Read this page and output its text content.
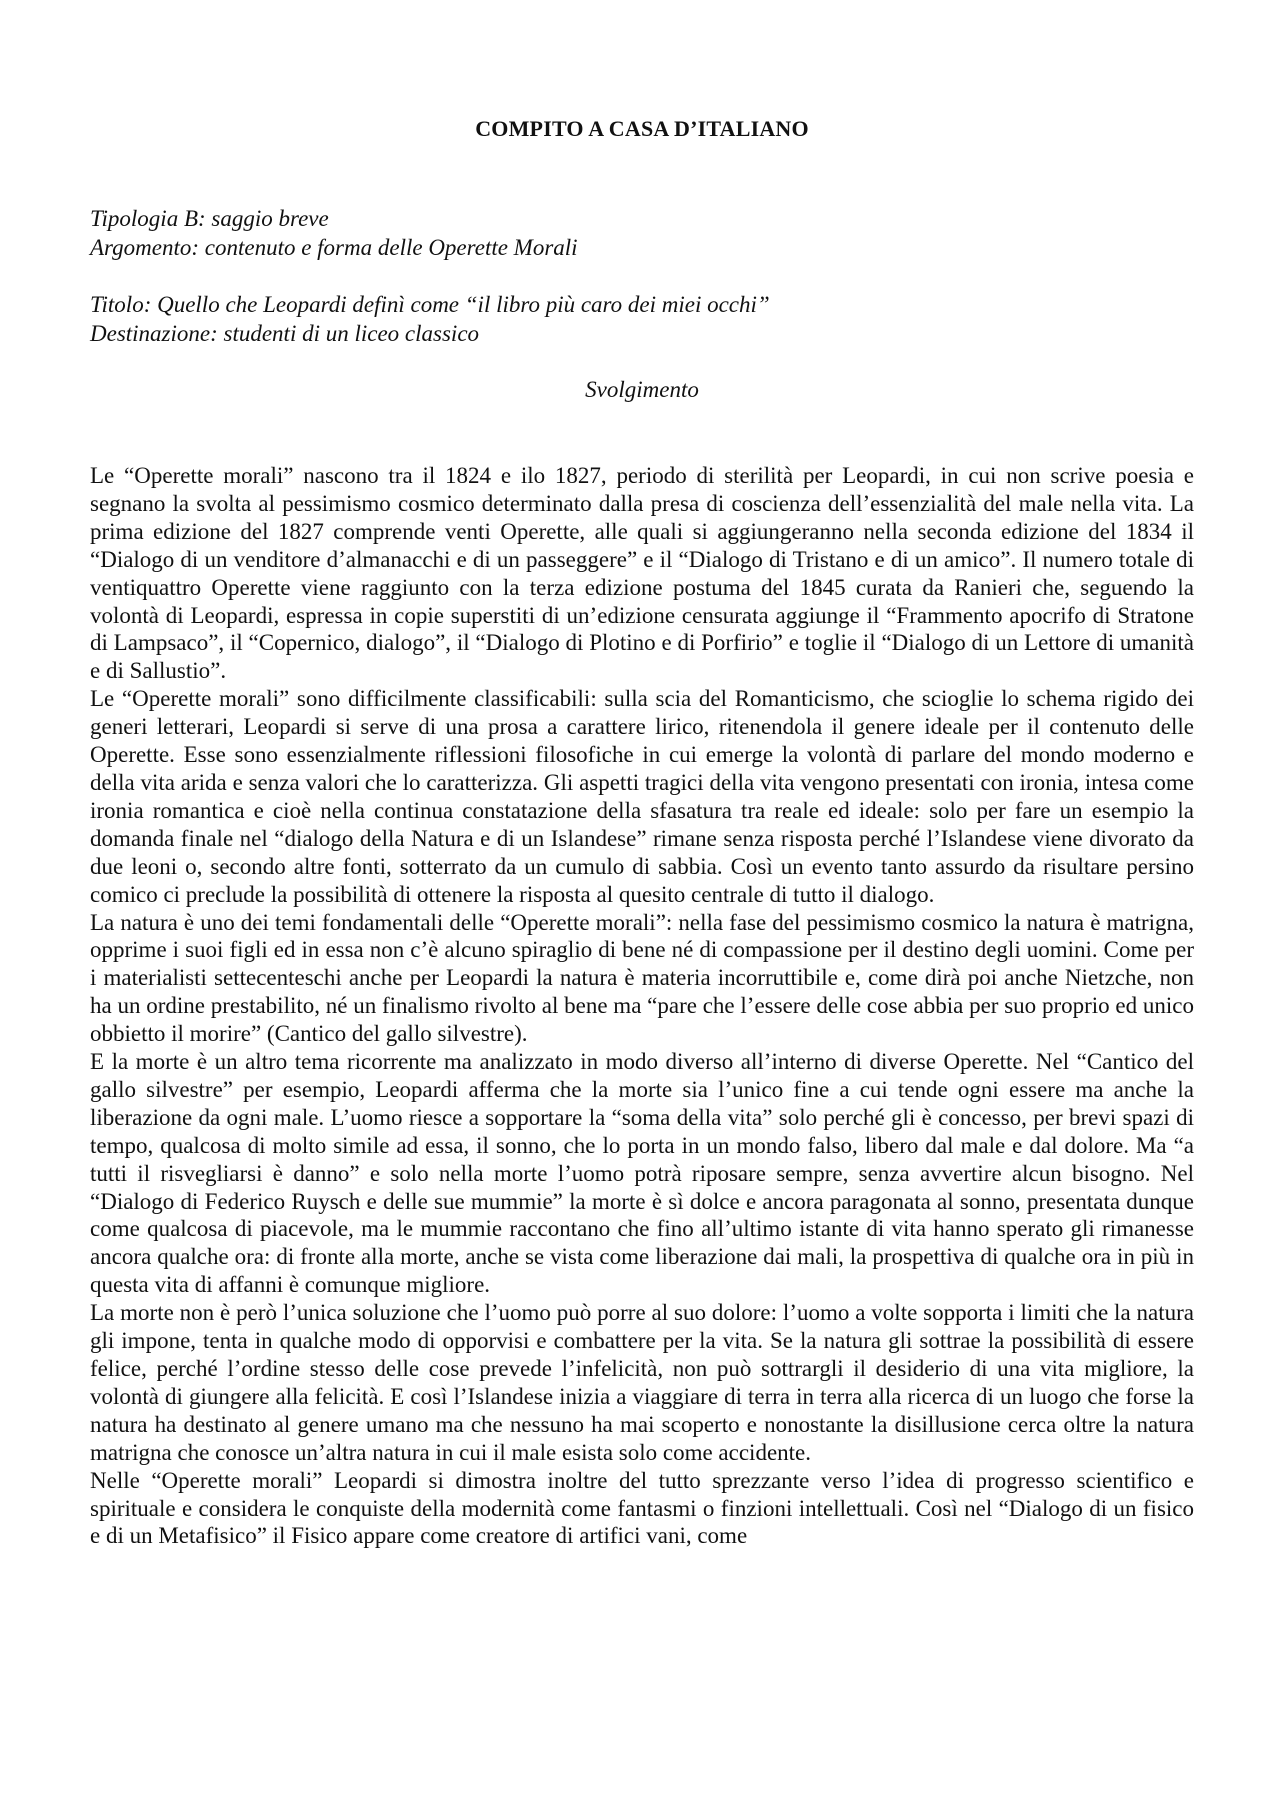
COMPITO A CASA D’ITALIANO
Tipologia B: saggio breve
Argomento: contenuto e forma delle Operette Morali
Titolo: Quello che Leopardi definì come “il libro più caro dei miei occhi”
Destinazione: studenti di un liceo classico
Svolgimento

Le “Operette morali” nascono tra il 1824 e ilo 1827, periodo di sterilità per Leopardi, in cui non scrive poesia e segnano la svolta al pessimismo cosmico determinato dalla presa di coscienza dell’essenzialità del male nella vita. La prima edizione del 1827 comprende venti Operette, alle quali si aggiungeranno nella seconda edizione del 1834 il “Dialogo di un venditore d’almanacchi e di un passeggere” e il “Dialogo di Tristano e di un amico”. Il numero totale di ventiquattro Operette viene raggiunto con la terza edizione postuma del 1845 curata da Ranieri che, seguendo la volontà di Leopardi, espressa in copie superstiti di un’edizione censurata aggiunge il “Frammento apocrifo di Stratone di Lampsaco”, il “Copernico, dialogo”, il “Dialogo di Plotino e di Porfirio” e toglie il “Dialogo di un Lettore di umanità e di Sallustio”.

Le “Operette morali” sono difficilmente classificabili: sulla scia del Romanticismo, che scioglie lo schema rigido dei generi letterari, Leopardi si serve di una prosa a carattere lirico, ritenendola il genere ideale per il contenuto delle Operette. Esse sono essenzialmente riflessioni filosofiche in cui emerge la volontà di parlare del mondo moderno e della vita arida e senza valori che lo caratterizza. Gli aspetti tragici della vita vengono presentati con ironia, intesa come ironia romantica e cioè nella continua constatazione della sfasatura tra reale ed ideale: solo per fare un esempio la domanda finale nel “dialogo della Natura e di un Islandese” rimane senza risposta perché l’Islandese viene divorato da due leoni o, secondo altre fonti, sotterrato da un cumulo di sabbia. Così un evento tanto assurdo da risultare persino comico ci preclude la possibilità di ottenere la risposta al quesito centrale di tutto il dialogo.

La natura è uno dei temi fondamentali delle “Operette morali”: nella fase del pessimismo cosmico la natura è matrigna, opprime i suoi figli ed in essa non c’è alcuno spiraglio di bene né di compassione per il destino degli uomini. Come per i materialisti settecenteschi anche per Leopardi la natura è materia incorruttibile e, come dirà poi anche Nietzche, non ha un ordine prestabilito, né un finalismo rivolto al bene ma “pare che l’essere delle cose abbia per suo proprio ed unico obbietto il morire” (Cantico del gallo silvestre).

E la morte è un altro tema ricorrente ma analizzato in modo diverso all’interno di diverse Operette. Nel “Cantico del gallo silvestre” per esempio, Leopardi afferma che la morte sia l’unico fine a cui tende ogni essere ma anche la liberazione da ogni male. L’uomo riesce a sopportare la “soma della vita” solo perché gli è concesso, per brevi spazi di tempo, qualcosa di molto simile ad essa, il sonno, che lo porta in un mondo falso, libero dal male e dal dolore. Ma “a tutti il risvegliarsi è danno” e solo nella morte l’uomo potrà riposare sempre, senza avvertire alcun bisogno. Nel “Dialogo di Federico Ruysch e delle sue mummie” la morte è sì dolce e ancora paragonata al sonno, presentata dunque come qualcosa di piacevole, ma le mummie raccontano che fino all’ultimo istante di vita hanno sperato gli rimanesse ancora qualche ora: di fronte alla morte, anche se vista come liberazione dai mali, la prospettiva di qualche ora in più in questa vita di affanni è comunque migliore.

La morte non è però l’unica soluzione che l’uomo può porre al suo dolore: l’uomo a volte sopporta i limiti che la natura gli impone, tenta in qualche modo di opporvisi e combattere per la vita. Se la natura gli sottrae la possibilità di essere felice, perché l’ordine stesso delle cose prevede l’infelicità, non può sottrargli il desiderio di una vita migliore, la volontà di giungere alla felicità. E così l’Islandese inizia a viaggiare di terra in terra alla ricerca di un luogo che forse la natura ha destinato al genere umano ma che nessuno ha mai scoperto e nonostante la disillusione cerca oltre la natura matrigna che conosce un’altra natura in cui il male esista solo come accidente.

Nelle “Operette morali” Leopardi si dimostra inoltre del tutto sprezzante verso l’idea di progresso scientifico e spirituale e considera le conquiste della modernità come fantasmi o finzioni intellettuali. Così nel “Dialogo di un fisico e di un Metafisico” il Fisico appare come creatore di artifici vani, come
